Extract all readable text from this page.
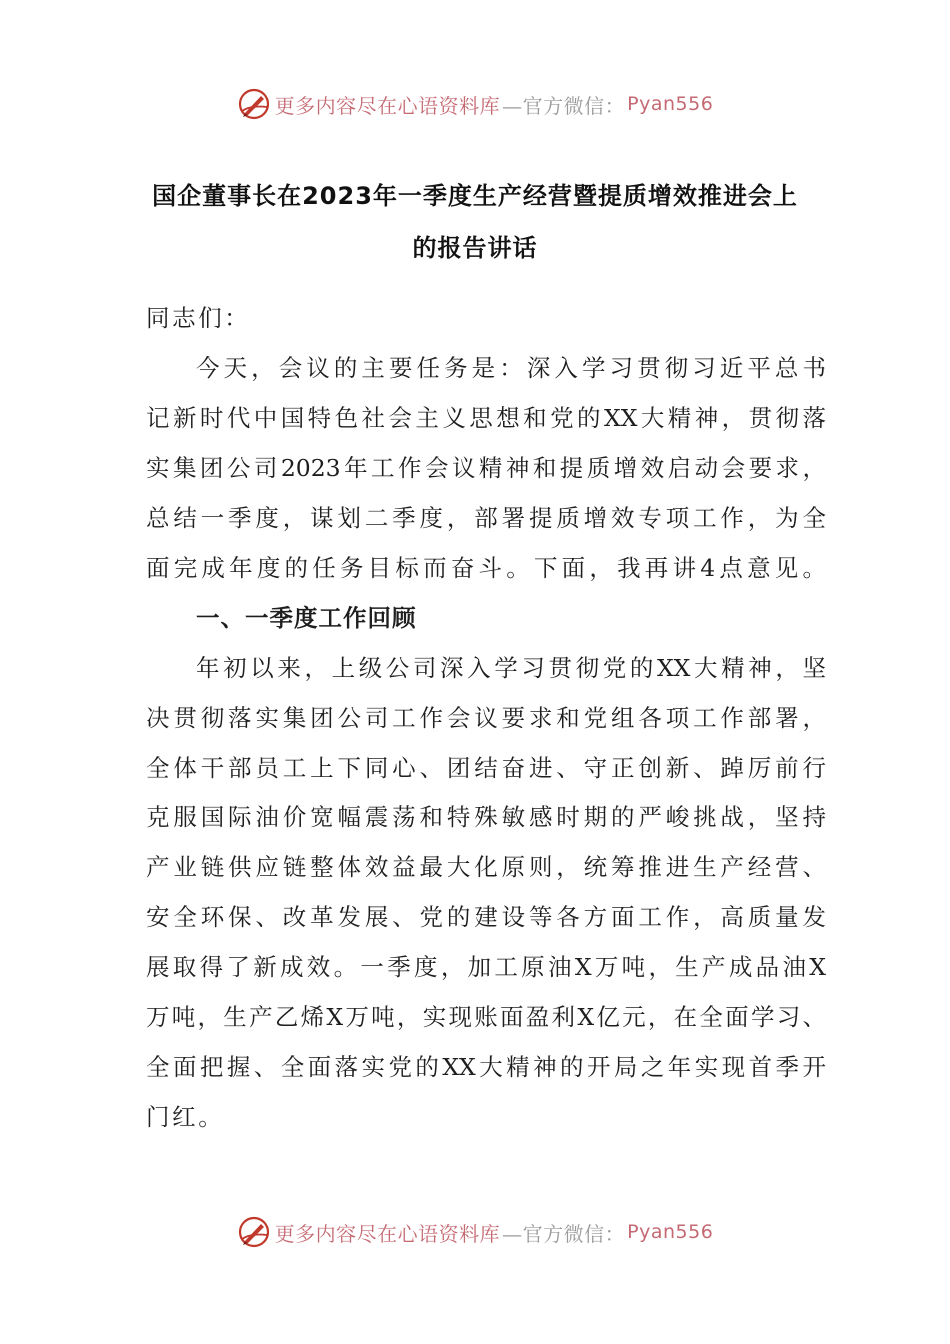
更多内容尽在心语资料库 —官方微信： Pyan556
国企董事长在2023年一季度生产经营暨提质增效推进会上
的报告讲话
同志们：
今天，会议的主要任务是：深入学习贯彻习近平总书
记新时代中国特色社会主义思想和党的XX大精神，贯彻落
实集团公司2023年工作会议精神和提质增效启动会要求，
总结一季度，谋划二季度，部署提质增效专项工作，为全
面完成年度的任务目标而奋斗。下面，我再讲4点意见。
一、一季度工作回顾
年初以来，上级公司深入学习贯彻党的XX大精神，坚
决贯彻落实集团公司工作会议要求和党组各项工作部署，
全体干部员工上下同心、团结奋进、守正创新、踔厉前行
克服国际油价宽幅震荡和特殊敏感时期的严峻挑战，坚持
产业链供应链整体效益最大化原则，统筹推进生产经营、
安全环保、改革发展、党的建设等各方面工作，高质量发
展取得了新成效。一季度，加工原油X万吨，生产成品油X
万吨，生产乙烯X万吨，实现账面盈利X亿元，在全面学习、
全面把握、全面落实党的XX大精神的开局之年实现首季开
门红。
更多内容尽在心语资料库 —官方微信： Pyan556
